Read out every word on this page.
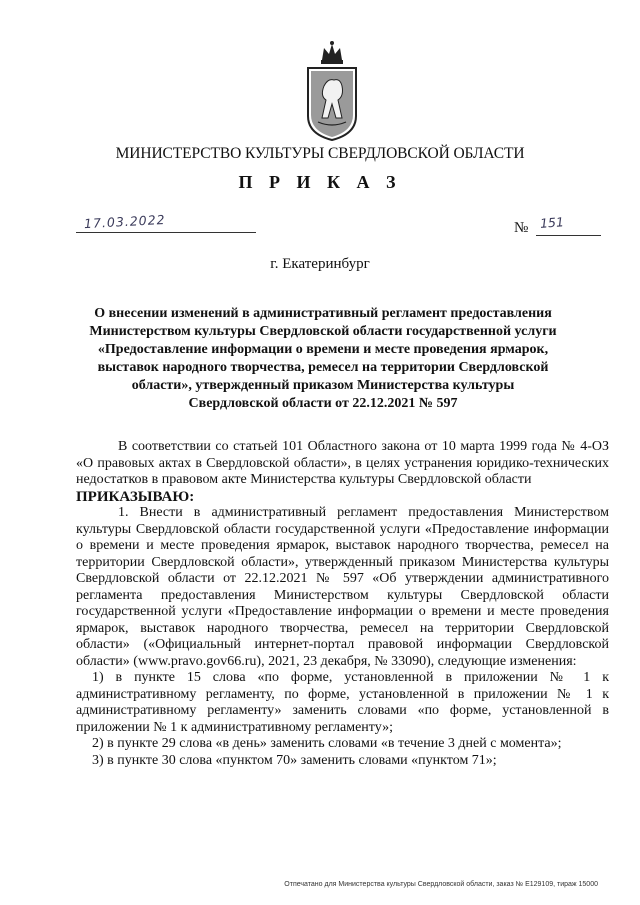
МИНИСТЕРСТВО КУЛЬТУРЫ СВЕРДЛОВСКОЙ ОБЛАСТИ
П Р И К А З
17.03.2022	№ 151
г. Екатеринбург
О внесении изменений в административный регламент предоставления Министерством культуры Свердловской области государственной услуги «Предоставление информации о времени и месте проведения ярмарок, выставок народного творчества, ремесел на территории Свердловской области», утвержденный приказом Министерства культуры Свердловской области от 22.12.2021 № 597

В соответствии со статьей 101 Областного закона от 10 марта 1999 года № 4-ОЗ «О правовых актах в Свердловской области», в целях устранения юридико-технических недостатков в правовом акте Министерства культуры Свердловской области

ПРИКАЗЫВАЮ:

1. Внести в административный регламент предоставления Министерством культуры Свердловской области государственной услуги «Предоставление информации о времени и месте проведения ярмарок, выставок народного творчества, ремесел на территории Свердловской области», утвержденный приказом Министерства культуры Свердловской области от 22.12.2021 № 597 «Об утверждении административного регламента предоставления Министерством культуры Свердловской области государственной услуги «Предоставление информации о времени и месте проведения ярмарок, выставок народного творчества, ремесел на территории Свердловской области» («Официальный интернет-портал правовой информации Свердловской области» (www.pravo.gov66.ru), 2021, 23 декабря, № 33090), следующие изменения:

1) в пункте 15 слова «по форме, установленной в приложении № 1 к административному регламенту, по форме, установленной в приложении № 1 к административному регламенту» заменить словами «по форме, установленной в приложении № 1 к административному регламенту»;

2) в пункте 29 слова «в день» заменить словами «в течение 3 дней с момента»;

3) в пункте 30 слова «пунктом 70» заменить словами «пунктом 71»;

Отпечатано для Министерства культуры Свердловской области, заказ № Е129109, тираж 15000
